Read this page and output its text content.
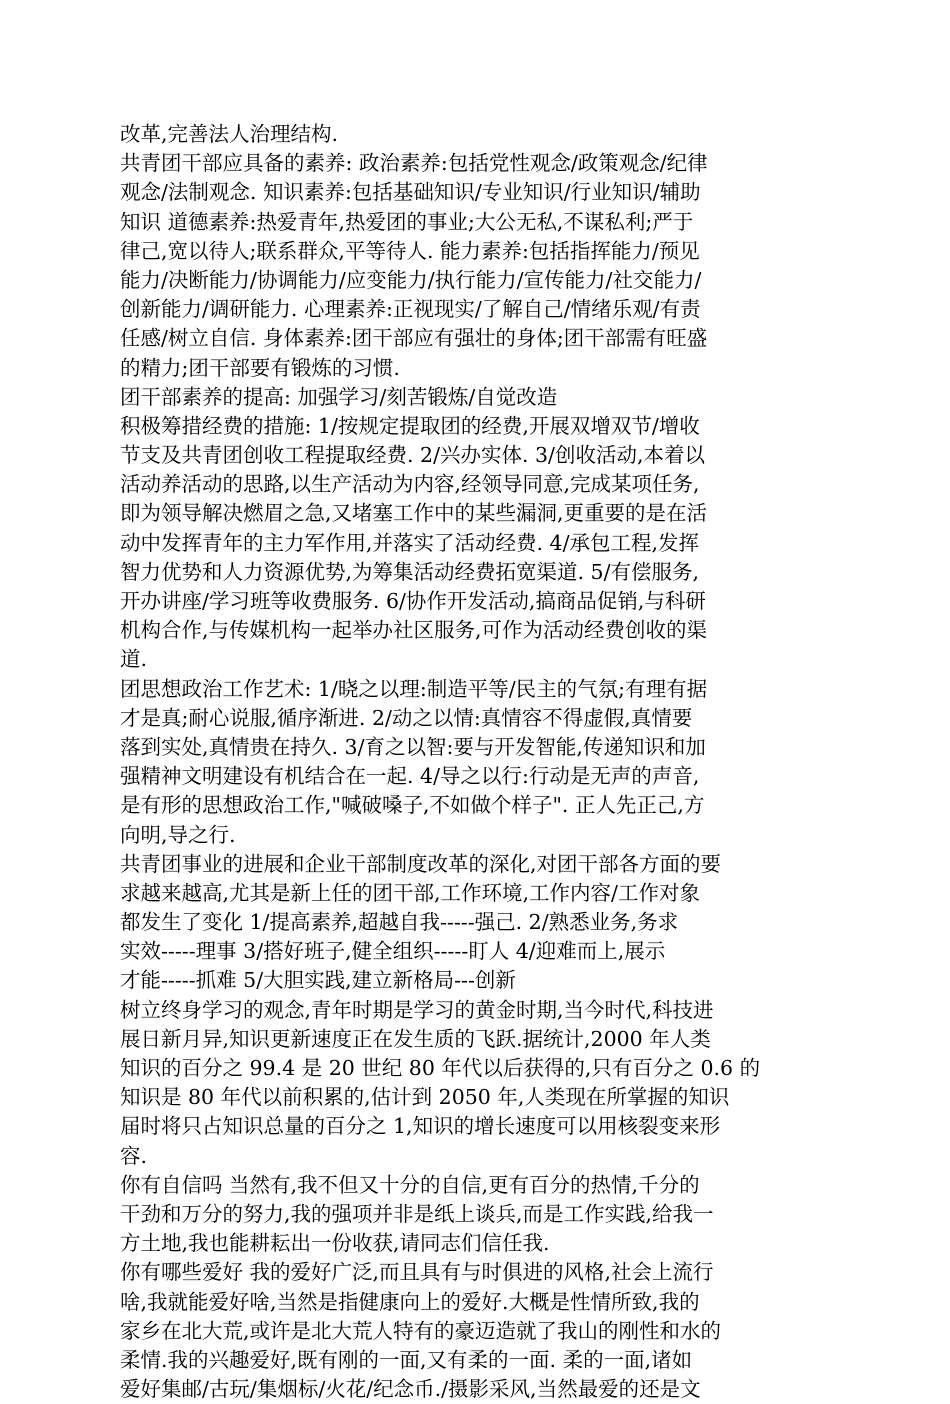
改革,完善法人治理结构.
共青团干部应具备的素养: 政治素养:包括党性观念/政策观念/纪律
观念/法制观念. 知识素养:包括基础知识/专业知识/行业知识/辅助
知识 道德素养:热爱青年,热爱团的事业;大公无私,不谋私利;严于
律己,宽以待人;联系群众,平等待人. 能力素养:包括指挥能力/预见
能力/决断能力/协调能力/应变能力/执行能力/宣传能力/社交能力/
创新能力/调研能力. 心理素养:正视现实/了解自己/情绪乐观/有责
任感/树立自信. 身体素养:团干部应有强壮的身体;团干部需有旺盛
的精力;团干部要有锻炼的习惯.
团干部素养的提高: 加强学习/刻苦锻炼/自觉改造
积极筹措经费的措施: 1/按规定提取团的经费,开展双增双节/增收
节支及共青团创收工程提取经费. 2/兴办实体. 3/创收活动,本着以
活动养活动的思路,以生产活动为内容,经领导同意,完成某项任务,
即为领导解决燃眉之急,又堵塞工作中的某些漏洞,更重要的是在活
动中发挥青年的主力军作用,并落实了活动经费. 4/承包工程,发挥
智力优势和人力资源优势,为筹集活动经费拓宽渠道. 5/有偿服务,
开办讲座/学习班等收费服务. 6/协作开发活动,搞商品促销,与科研
机构合作,与传媒机构一起举办社区服务,可作为活动经费创收的渠
道.
团思想政治工作艺术: 1/晓之以理:制造平等/民主的气氛;有理有据
才是真;耐心说服,循序渐进. 2/动之以情:真情容不得虚假,真情要
落到实处,真情贵在持久. 3/育之以智:要与开发智能,传递知识和加
强精神文明建设有机结合在一起. 4/导之以行:行动是无声的声音,
是有形的思想政治工作,"喊破嗓子,不如做个样子". 正人先正己,方
向明,导之行.
共青团事业的进展和企业干部制度改革的深化,对团干部各方面的要
求越来越高,尤其是新上任的团干部,工作环境,工作内容/工作对象
都发生了变化 1/提高素养,超越自我-----强己. 2/熟悉业务,务求
实效-----理事 3/搭好班子,健全组织-----盯人 4/迎难而上,展示
才能-----抓难 5/大胆实践,建立新格局---创新
树立终身学习的观念,青年时期是学习的黄金时期,当今时代,科技进
展日新月异,知识更新速度正在发生质的飞跃.据统计,2000 年人类
知识的百分之 99.4 是 20 世纪 80 年代以后获得的,只有百分之 0.6 的
知识是 80 年代以前积累的,估计到 2050 年,人类现在所掌握的知识
届时将只占知识总量的百分之 1,知识的增长速度可以用核裂变来形
容.
你有自信吗 当然有,我不但又十分的自信,更有百分的热情,千分的
干劲和万分的努力,我的强项并非是纸上谈兵,而是工作实践,给我一
方土地,我也能耕耘出一份收获,请同志们信任我.
你有哪些爱好 我的爱好广泛,而且具有与时俱进的风格,社会上流行
啥,我就能爱好啥,当然是指健康向上的爱好.大概是性情所致,我的
家乡在北大荒,或许是北大荒人特有的豪迈造就了我山的刚性和水的
柔情.我的兴趣爱好,既有刚的一面,又有柔的一面. 柔的一面,诸如
爱好集邮/古玩/集烟标/火花/纪念币./摄影采风,当然最爱的还是文
